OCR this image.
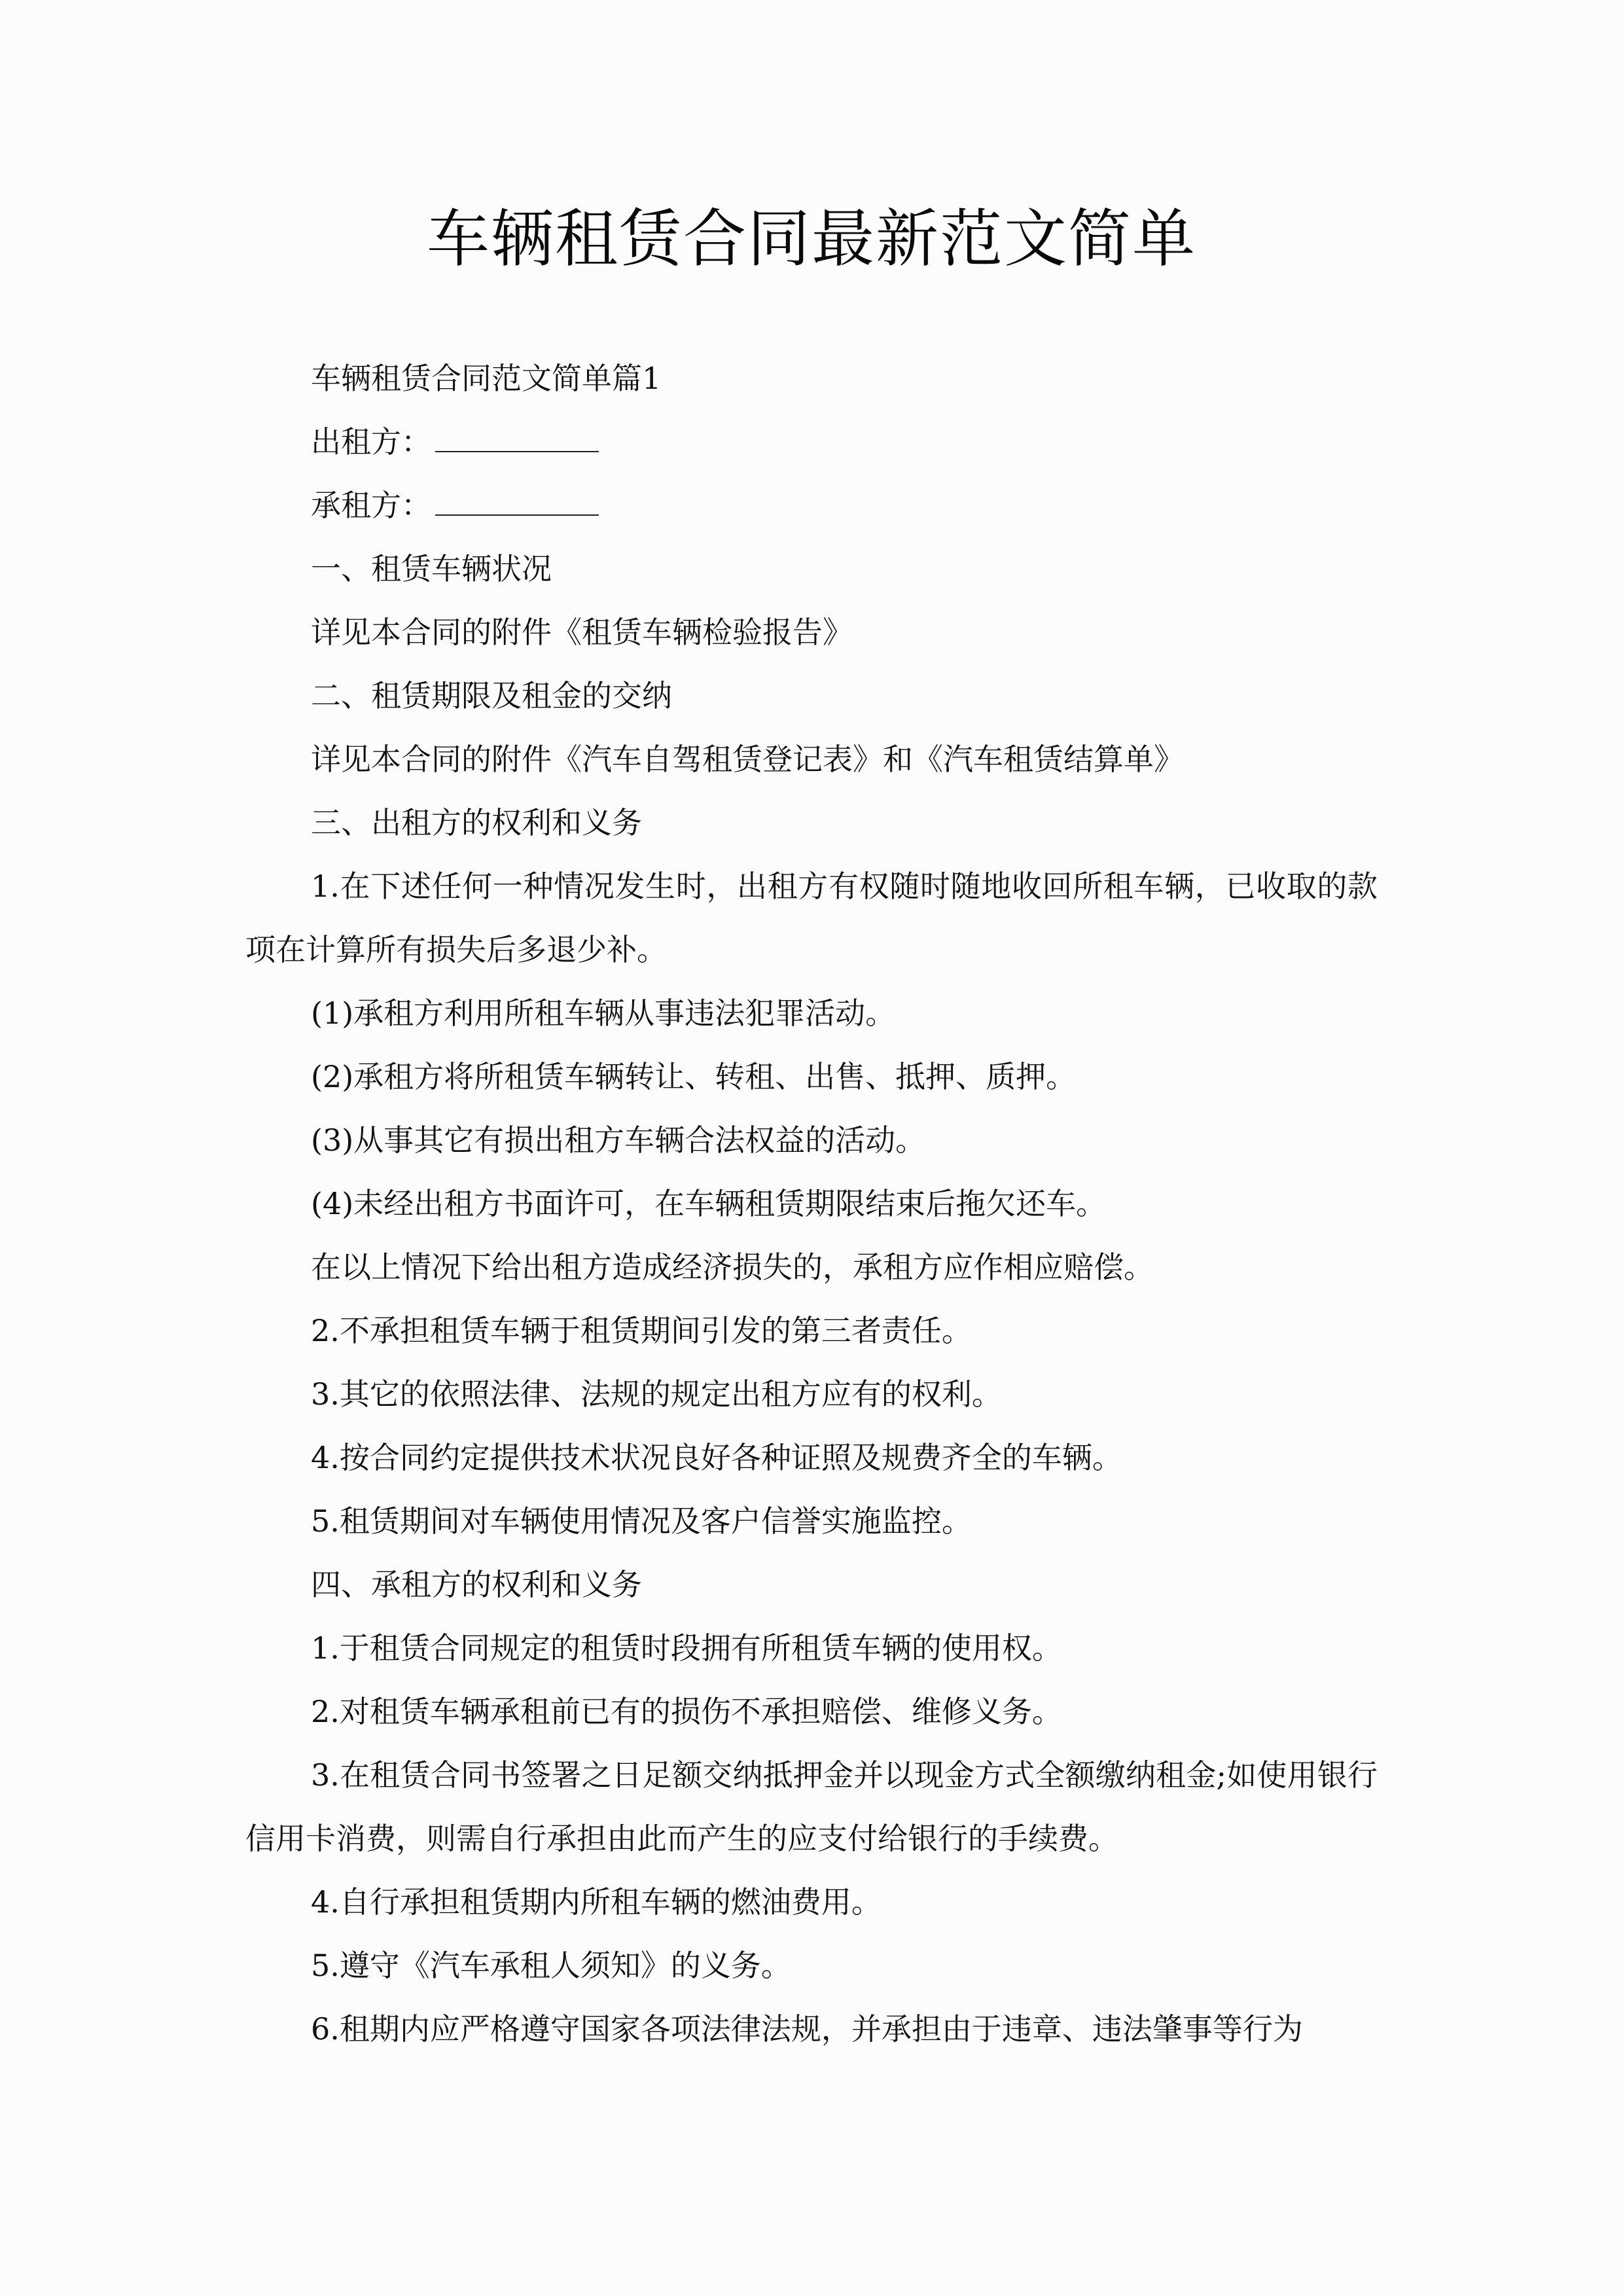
车辆租赁合同最新范文简单

车辆租赁合同范文简单篇1

出租方：

承租方：

一、租赁车辆状况

详见本合同的附件《租赁车辆检验报告》

二、租赁期限及租金的交纳

详见本合同的附件《汽车自驾租赁登记表》和《汽车租赁结算单》

三、出租方的权利和义务

1.在下述任何一种情况发生时，出租方有权随时随地收回所租车辆，已收取的款项在计算所有损失后多退少补。

(1)承租方利用所租车辆从事违法犯罪活动。

(2)承租方将所租赁车辆转让、转租、出售、抵押、质押。

(3)从事其它有损出租方车辆合法权益的活动。

(4)未经出租方书面许可，在车辆租赁期限结束后拖欠还车。

在以上情况下给出租方造成经济损失的，承租方应作相应赔偿。

2.不承担租赁车辆于租赁期间引发的第三者责任。

3.其它的依照法律、法规的规定出租方应有的权利。

4.按合同约定提供技术状况良好各种证照及规费齐全的车辆。

5.租赁期间对车辆使用情况及客户信誉实施监控。

四、承租方的权利和义务

1.于租赁合同规定的租赁时段拥有所租赁车辆的使用权。

2.对租赁车辆承租前已有的损伤不承担赔偿、维修义务。

3.在租赁合同书签署之日足额交纳抵押金并以现金方式全额缴纳租金;如使用银行信用卡消费，则需自行承担由此而产生的应支付给银行的手续费。

4.自行承担租赁期内所租车辆的燃油费用。

5.遵守《汽车承租人须知》的义务。

6.租期内应严格遵守国家各项法律法规，并承担由于违章、违法肇事等行为
